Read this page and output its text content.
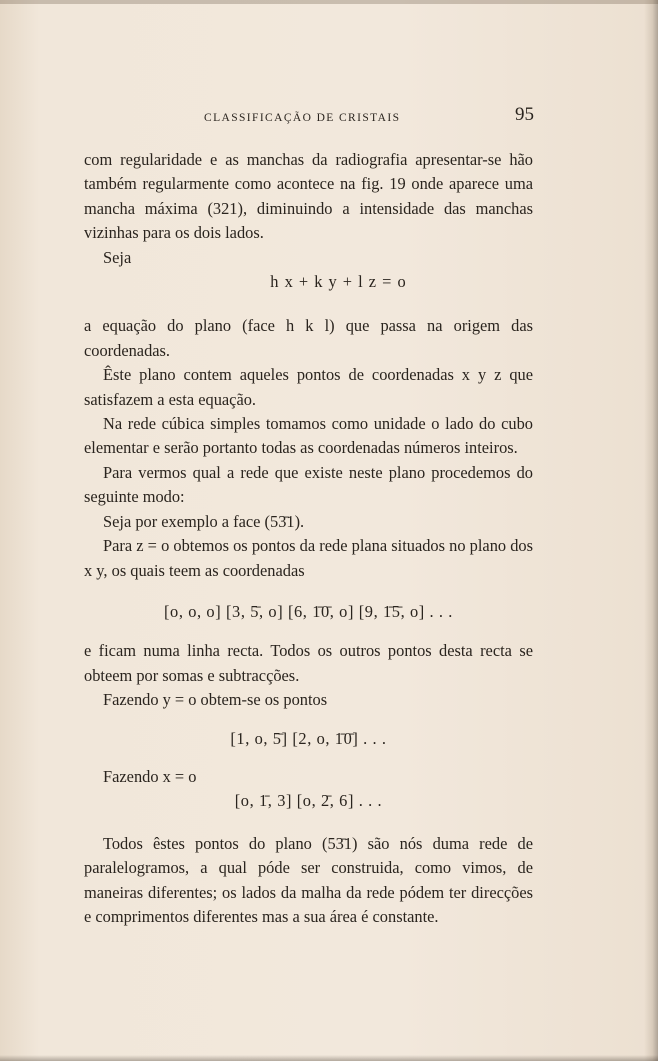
CLASSIFICAÇÃO DE CRISTAIS	95

com regularidade e as manchas da radiografia apresentar-se hão também regularmente como acontece na fig. 19 onde aparece uma mancha máxima (321), diminuindo a intensidade das manchas vizinhas para os dois lados.

Seja

h x + k y + l z = o

a equação do plano (face h k l) que passa na origem das coordenadas.

Êste plano contem aqueles pontos de coordenadas x y z que satisfazem a esta equação.

Na rede cúbica simples tomamos como unidade o lado do cubo elementar e serão portanto todas as coordenadas números inteiros.

Para vermos qual a rede que existe neste plano procedemos do seguinte modo:

Seja por exemplo a face (53̄1).

Para z = o obtemos os pontos da rede plana situados no plano dos x y, os quais teem as coordenadas

[o, o, o] [3, 5̄, o] [6, 1̄0̄, o] [9, 1̄5̄, o] . . .

e ficam numa linha recta. Todos os outros pontos desta recta se obteem por somas e subtracções.

Fazendo y = o obtem-se os pontos

[1, o, 5̄] [2, o, 1̄0̄] . . .

Fazendo x = o

[o, 1̄, 3] [o, 2̄, 6] . . .

Todos êstes pontos do plano (53̄1) são nós duma rede de paralelogramos, a qual póde ser construida, como vimos, de maneiras diferentes; os lados da malha da rede pódem ter direcções e comprimentos diferentes mas a sua área é constante.
